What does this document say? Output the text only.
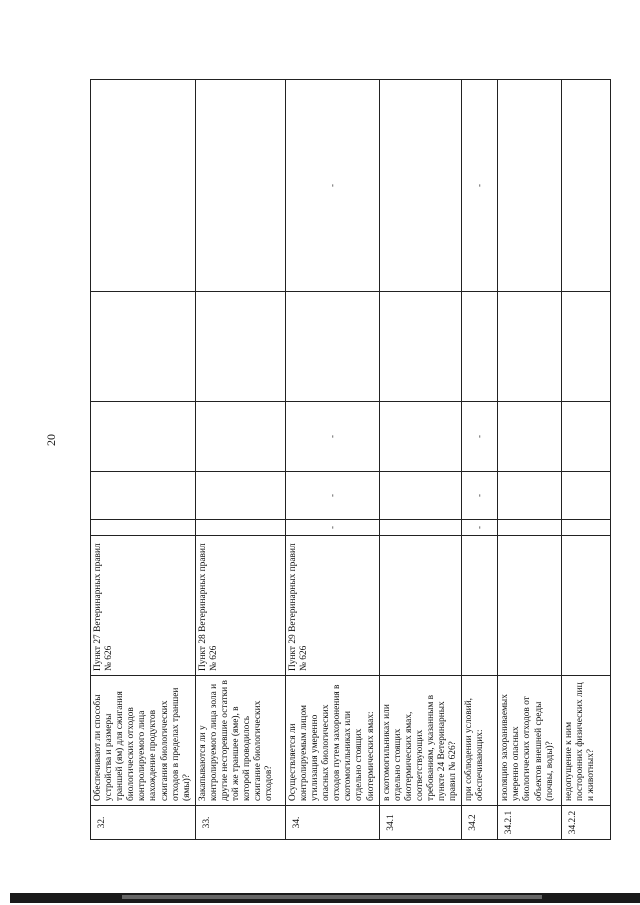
20
32.	Обеспечивают ли способы устройства и размеры траншей (ям) для сжигания биологических отходов контролируемого лица нахождение продуктов сжигания биологических отходов в пределах траншеи (ямы)?	Пункт 27 Ветеринарных правил № 626					
33.	Закапываются ли у контролируемого лица зола и другие несгоревшие остатки в той же траншее (яме), в которой проводилось сжигание биологических отходов?	Пункт 28 Ветеринарных правил № 626					
34.	Осуществляется ли контролируемым лицом утилизация умеренно опасных биологических отходов путем захоронения в скотомогильниках или отдельно стоящих биотермических ямах:	Пункт 29 Ветеринарных правил № 626	-	-	-		-
34.1	в скотомогильниках или отдельно стоящих биотермических ямах, соответствующих требованиям, указанным в пункте 24 Ветеринарных правил № 626?						
34.2	при соблюдении условий, обеспечивающих:		-	-	-		-
34.2.1	изоляцию захораниваемых умеренно опасных биологических отходов от объектов внешней среды (почвы, воды)?						
34.2.2	недопущение к ним посторонних физических лиц и животных?						
